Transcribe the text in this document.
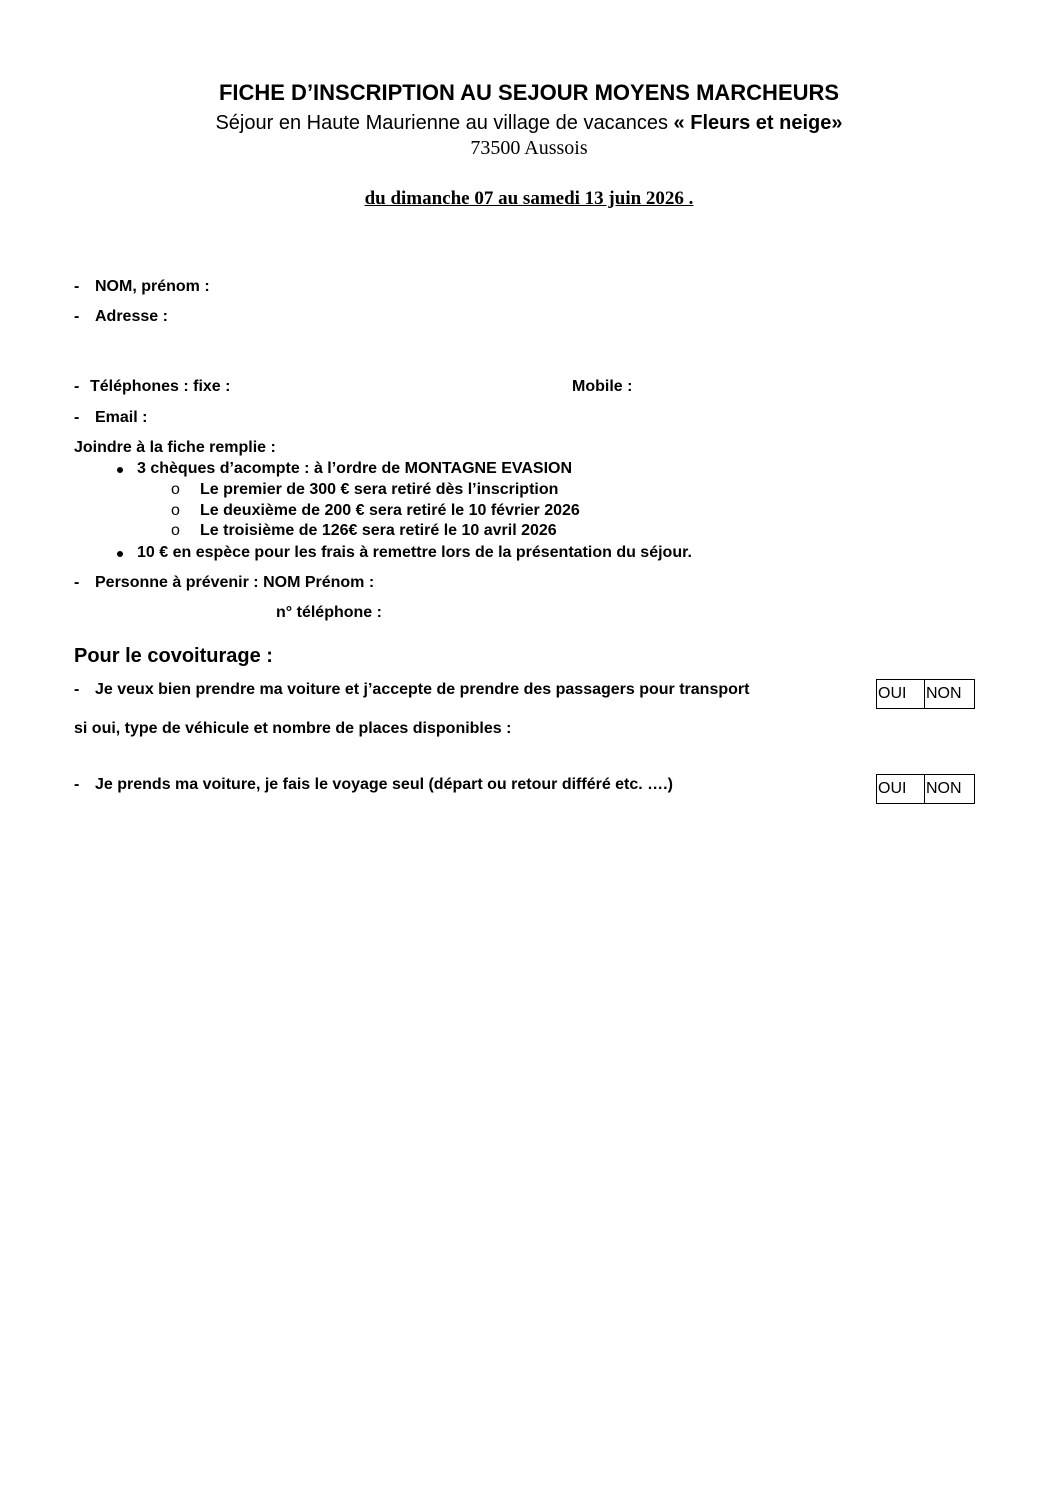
FICHE D’INSCRIPTION AU SEJOUR MOYENS MARCHEURS
Séjour en Haute Maurienne au village de vacances « Fleurs et neige»
73500 Aussois
du dimanche 07 au samedi 13 juin 2026 .
- NOM, prénom :
- Adresse :
- Téléphones : fixe :	Mobile :
- Email :
Joindre à la fiche remplie :
3 chèques d’acompte : à l’ordre de MONTAGNE EVASION
o Le premier de 300 € sera retiré dès l’inscription
o Le deuxième de 200 € sera retiré le 10 février 2026
o Le troisième de 126€ sera retiré le 10 avril 2026
10 € en espèce pour les frais à remettre lors de la présentation du séjour.
- Personne à prévenir : NOM Prénom :
n° téléphone :
Pour le covoiturage :
- Je veux bien prendre ma voiture et j’accepte de prendre des passagers pour transport	OUI	NON
si oui, type de véhicule et nombre de places disponibles :
- Je prends ma voiture, je fais le voyage seul (départ ou retour différé etc. ….)	OUI	NON
